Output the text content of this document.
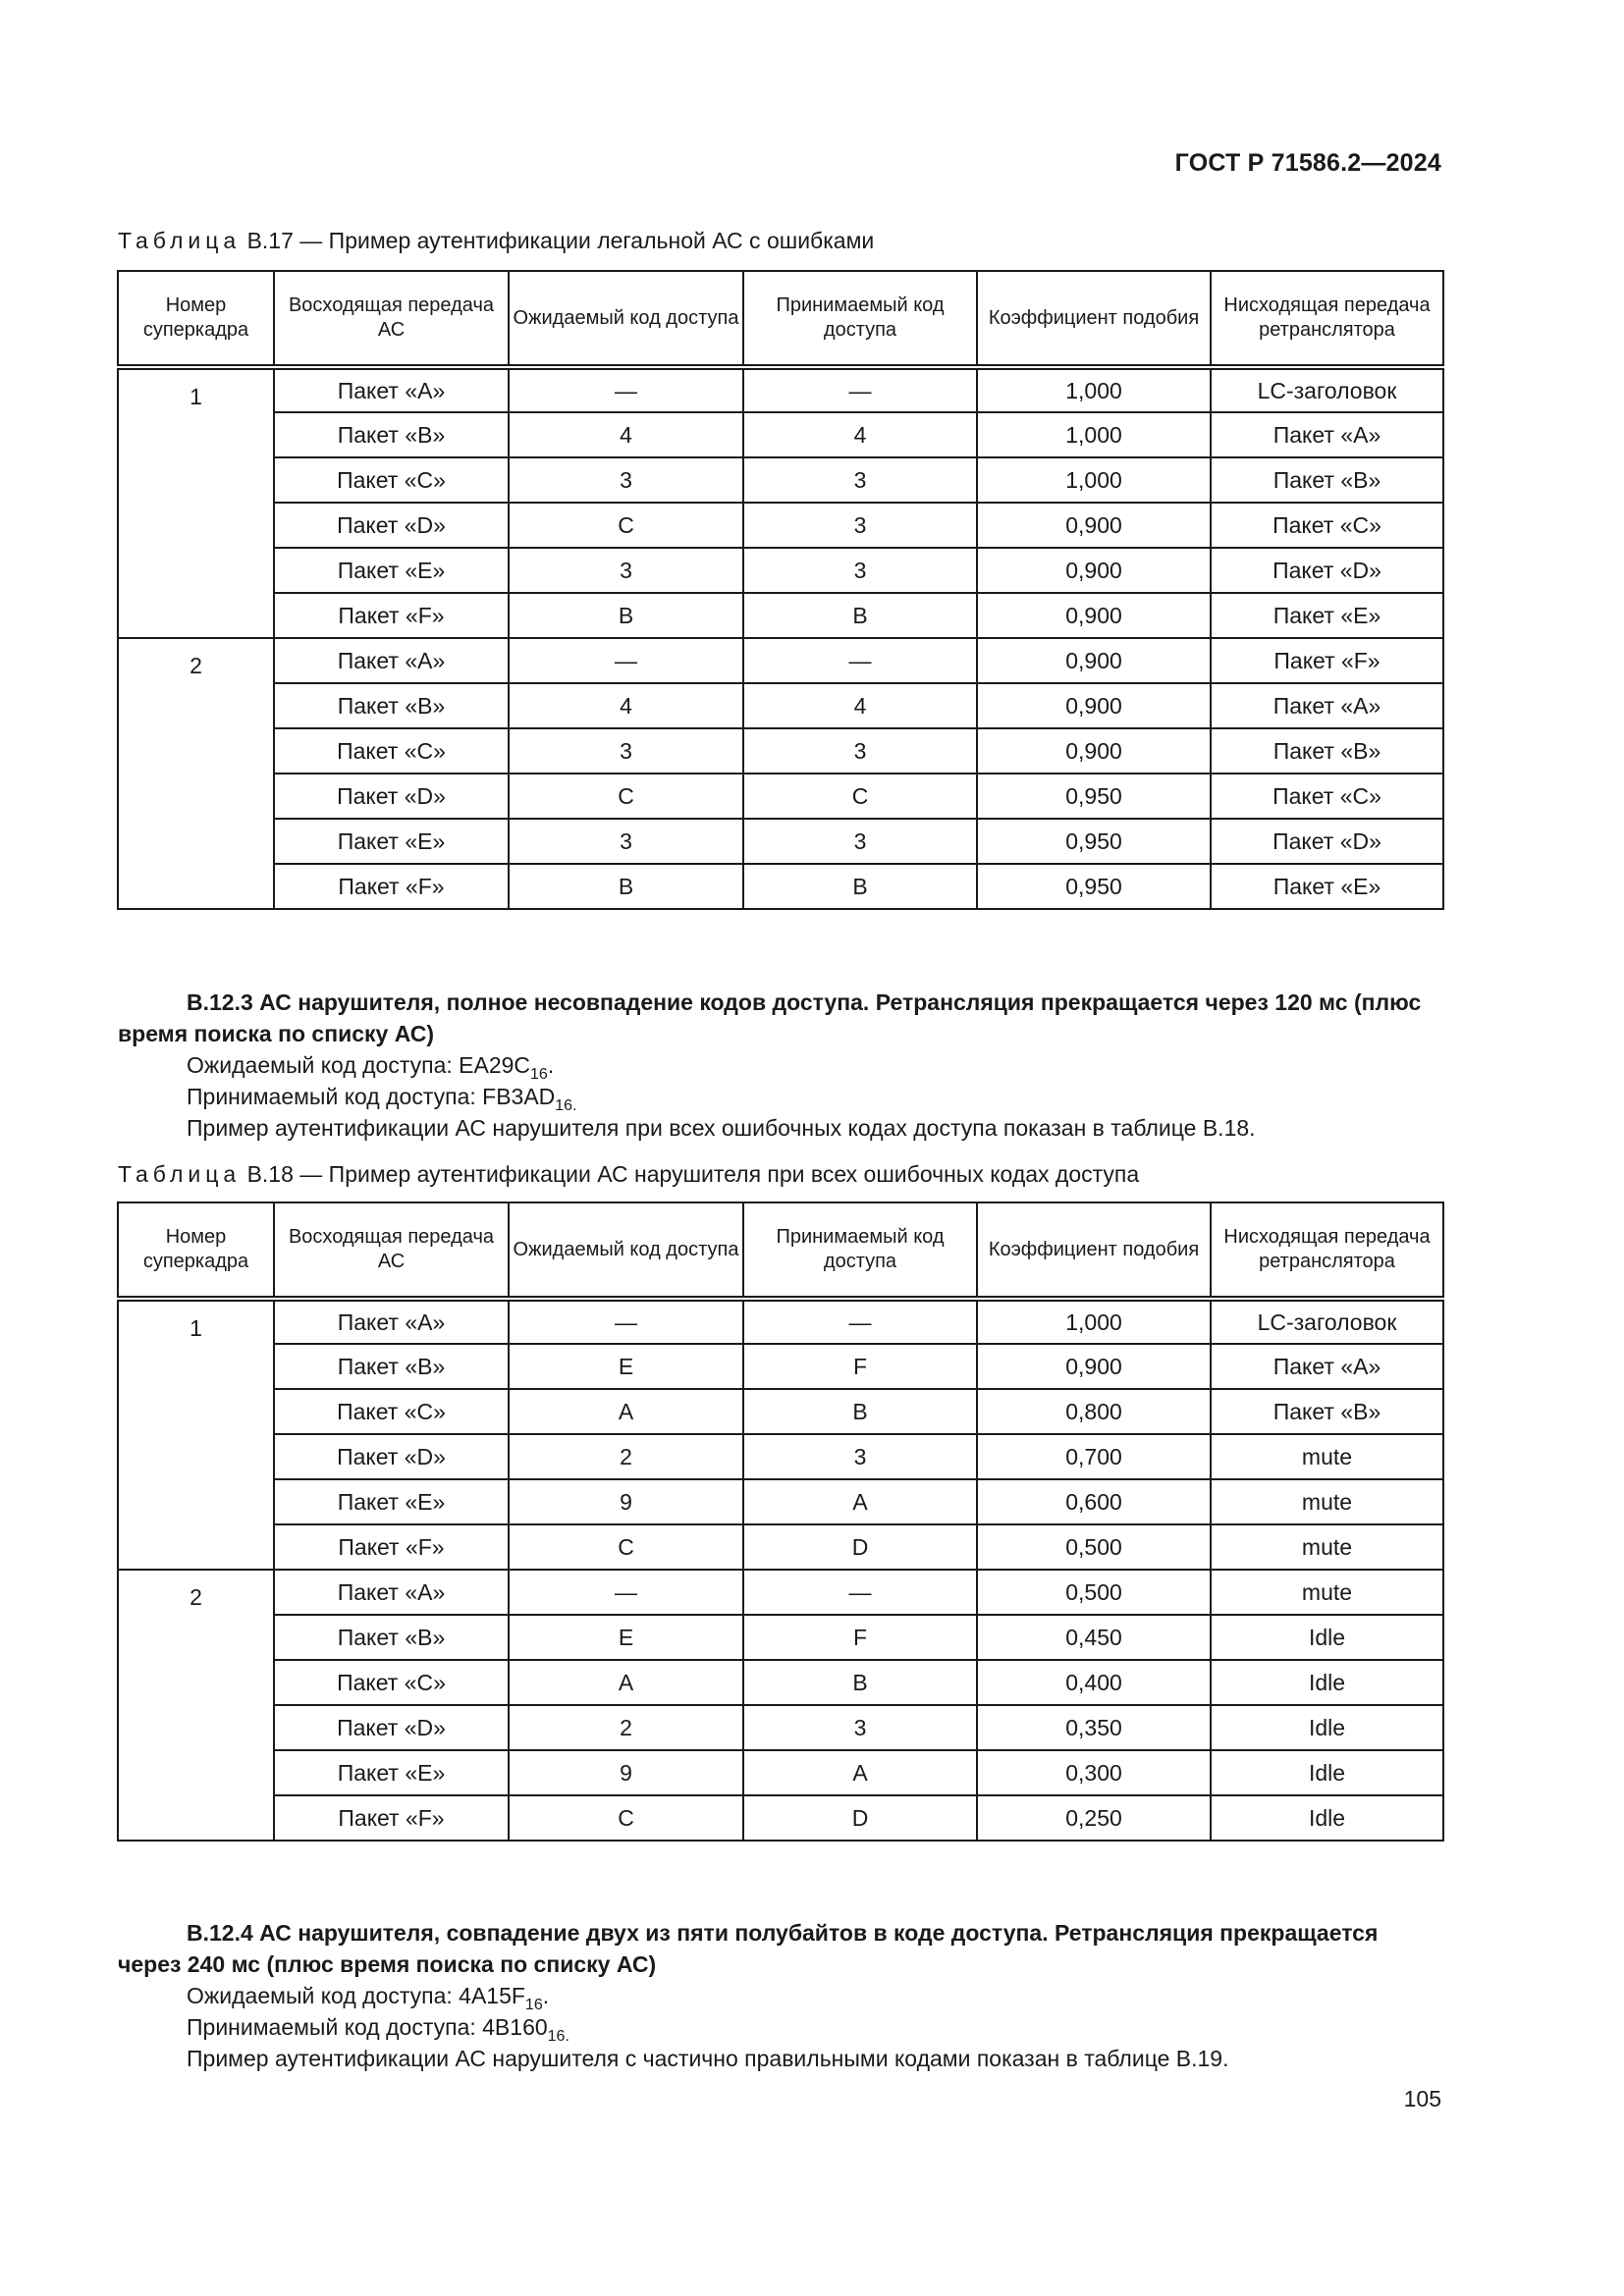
ГОСТ Р 71586.2—2024
Таблица В.17 — Пример аутентификации легальной АС с ошибками
Номер суперкадра	Восходящая передача АС	Ожидаемый код доступа	Принимаемый код доступа	Коэффициент подобия	Нисходящая передача ретранслятора
1	Пакет «A»	—	—	1,000	LC-заголовок
	Пакет «B»	4	4	1,000	Пакет «A»
	Пакет «C»	3	3	1,000	Пакет «B»
	Пакет «D»	C	3	0,900	Пакет «C»
	Пакет «E»	3	3	0,900	Пакет «D»
	Пакет «F»	B	B	0,900	Пакет «E»
2	Пакет «A»	—	—	0,900	Пакет «F»
	Пакет «B»	4	4	0,900	Пакет «A»
	Пакет «C»	3	3	0,900	Пакет «B»
	Пакет «D»	C	C	0,950	Пакет «C»
	Пакет «E»	3	3	0,950	Пакет «D»
	Пакет «F»	B	B	0,950	Пакет «E»
В.12.3 АС нарушителя, полное несовпадение кодов доступа. Ретрансляция прекращается через 120 мс (плюс время поиска по списку АС)
Ожидаемый код доступа: $EA29C_{16}$.
Принимаемый код доступа: $FB3AD_{16.}$
Пример аутентификации АС нарушителя при всех ошибочных кодах доступа показан в таблице В.18.
Таблица В.18 — Пример аутентификации АС нарушителя при всех ошибочных кодах доступа
Номер суперкадра	Восходящая передача АС	Ожидаемый код доступа	Принимаемый код доступа	Коэффициент подобия	Нисходящая передача ретранслятора
1	Пакет «A»	—	—	1,000	LC-заголовок
	Пакет «B»	E	F	0,900	Пакет «A»
	Пакет «C»	A	B	0,800	Пакет «B»
	Пакет «D»	2	3	0,700	mute
	Пакет «E»	9	A	0,600	mute
	Пакет «F»	C	D	0,500	mute
2	Пакет «A»	—	—	0,500	mute
	Пакет «B»	E	F	0,450	Idle
	Пакет «C»	A	B	0,400	Idle
	Пакет «D»	2	3	0,350	Idle
	Пакет «E»	9	A	0,300	Idle
	Пакет «F»	C	D	0,250	Idle
В.12.4 АС нарушителя, совпадение двух из пяти полубайтов в коде доступа. Ретрансляция прекращается через 240 мс (плюс время поиска по списку АС)
Ожидаемый код доступа: $4A15F_{16}$.
Принимаемый код доступа: $4B160_{16.}$
Пример аутентификации АС нарушителя с частично правильными кодами показан в таблице В.19.
105
